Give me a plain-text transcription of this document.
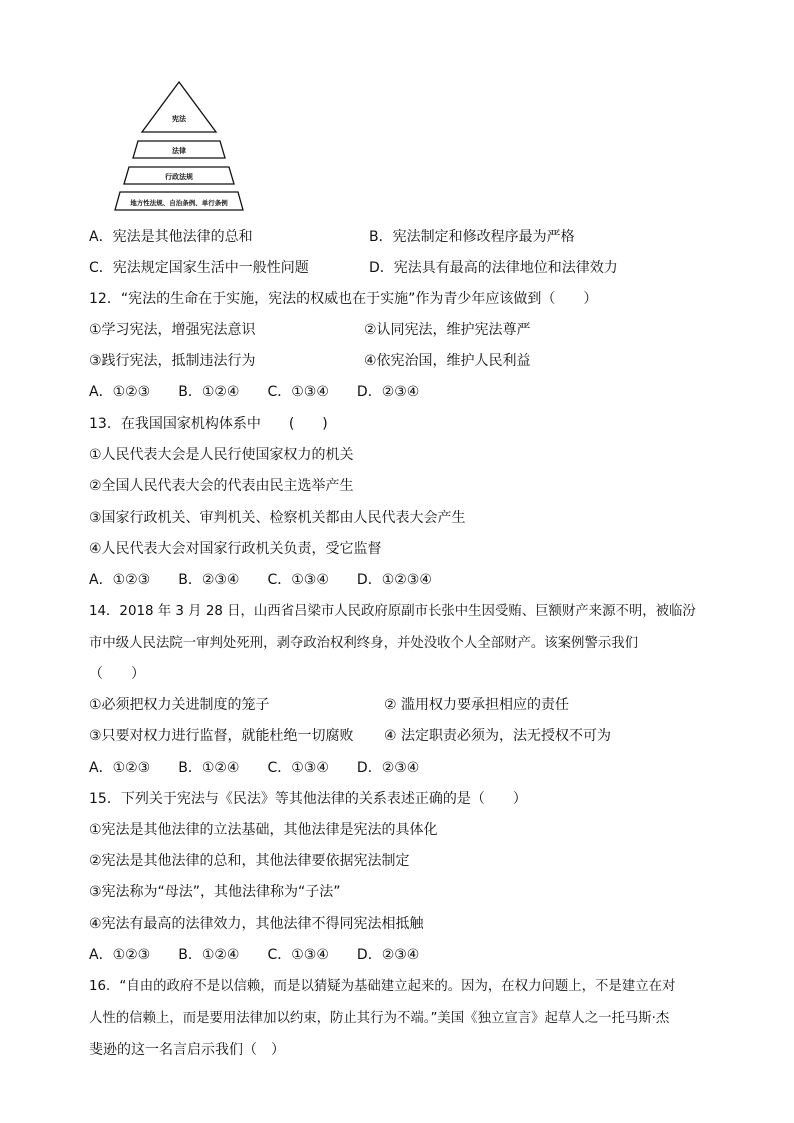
宪法
法律
行政法规
地方性法规、自治条例、单行条例
A．宪法是其他法律的总和	B．宪法制定和修改程序最为严格
C．宪法规定国家生活中一般性问题	D．宪法具有最高的法律地位和法律效力
12．“宪法的生命在于实施，宪法的权威也在于实施”作为青少年应该做到（　　）
①学习宪法，增强宪法意识	②认同宪法，维护宪法尊严
③践行宪法，抵制违法行为	④依宪治国，维护人民利益
A．①②③　　B．①②④　　C．①③④　　D．②③④
13．在我国国家机构体系中　　(　　)
①人民代表大会是人民行使国家权力的机关
②全国人民代表大会的代表由民主选举产生
③国家行政机关、审判机关、检察机关都由人民代表大会产生
④人民代表大会对国家行政机关负责，受它监督
A．①②③　　B．②③④　　C．①③④　　D．①②③④
14．2018 年 3 月 28 日，山西省吕梁市人民政府原副市长张中生因受贿、巨额财产来源不明，被临汾
市中级人民法院一审判处死刑，剥夺政治权利终身，并处没收个人全部财产。该案例警示我们
（　　）
①必须把权力关进制度的笼子	② 滥用权力要承担相应的责任
③只要对权力进行监督，就能杜绝一切腐败 ④ 法定职责必须为，法无授权不可为
A．①②③　　B．①②④　　C．①③④　　D．②③④
15．下列关于宪法与《民法》等其他法律的关系表述正确的是（　　）
①宪法是其他法律的立法基础，其他法律是宪法的具体化
②宪法是其他法律的总和，其他法律要依据宪法制定
③宪法称为“母法”，其他法律称为“子法”
④宪法有最高的法律效力，其他法律不得同宪法相抵触
A．①②③　　B．①②④　　C．①③④　　D．②③④
16．“自由的政府不是以信赖，而是以猜疑为基础建立起来的。因为，在权力问题上，不是建立在对
人性的信赖上，而是要用法律加以约束，防止其行为不端。”美国《独立宣言》起草人之一托马斯·杰
斐逊的这一名言启示我们（　）
